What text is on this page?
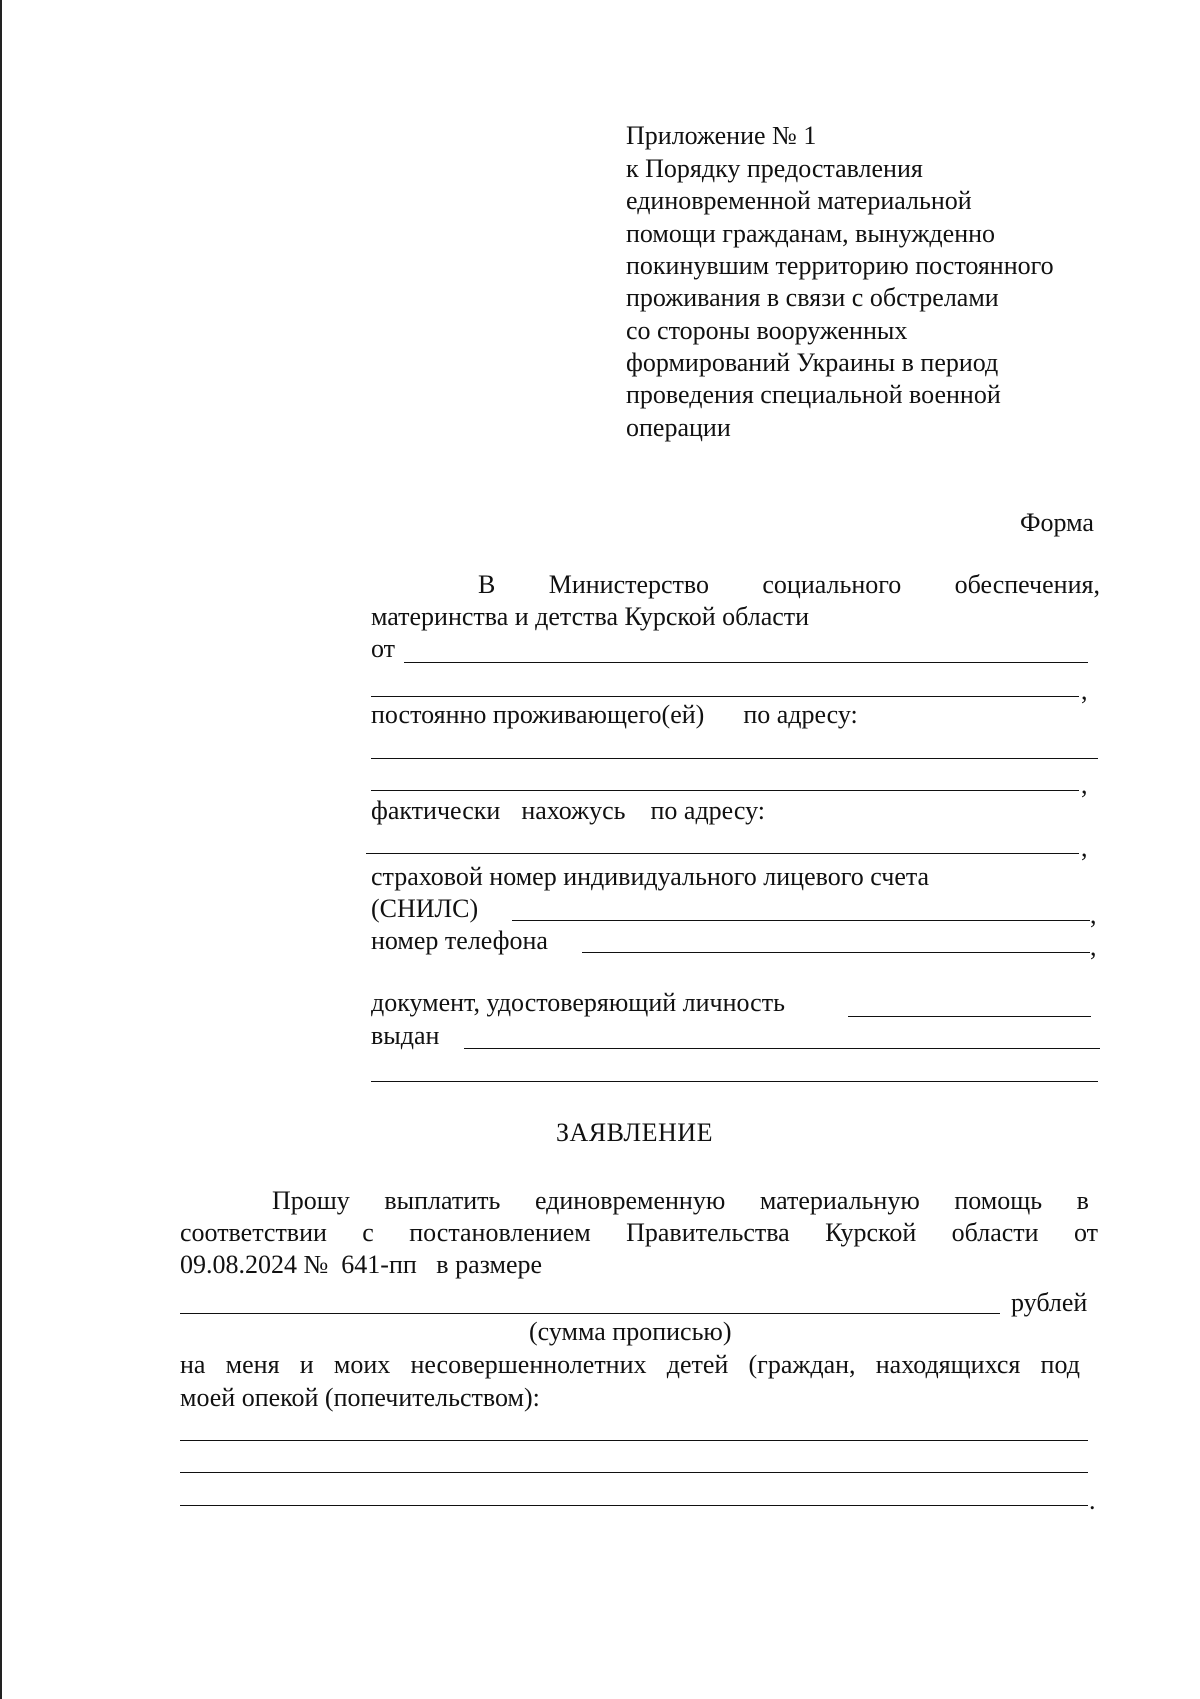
Приложение № 1
к Порядку предоставления
единовременной материальной
помощи гражданам, вынужденно
покинувшим территорию постоянного
проживания в связи с обстрелами
со стороны вооруженных
формирований Украины в период
проведения специальной военной
операции
Форма
В Министерство социального обеспечения,
материнства и детства Курской области
от
,
постоянно проживающего(ей) по адресу:
,
фактически нахожусь по адресу:
,
страховой номер индивидуального лицевого счета
(СНИЛС)	,
номер телефона	,
документ, удостоверяющий личность
выдан
ЗАЯВЛЕНИЕ
Прошу выплатить единовременную материальную помощь в
соответствии с постановлением Правительства Курской области от
09.08.2024 №  641-пп   в размере
рублей
(сумма прописью)
на меня и моих несовершеннолетних детей (граждан, находящихся под
моей опекой (попечительством):
.
